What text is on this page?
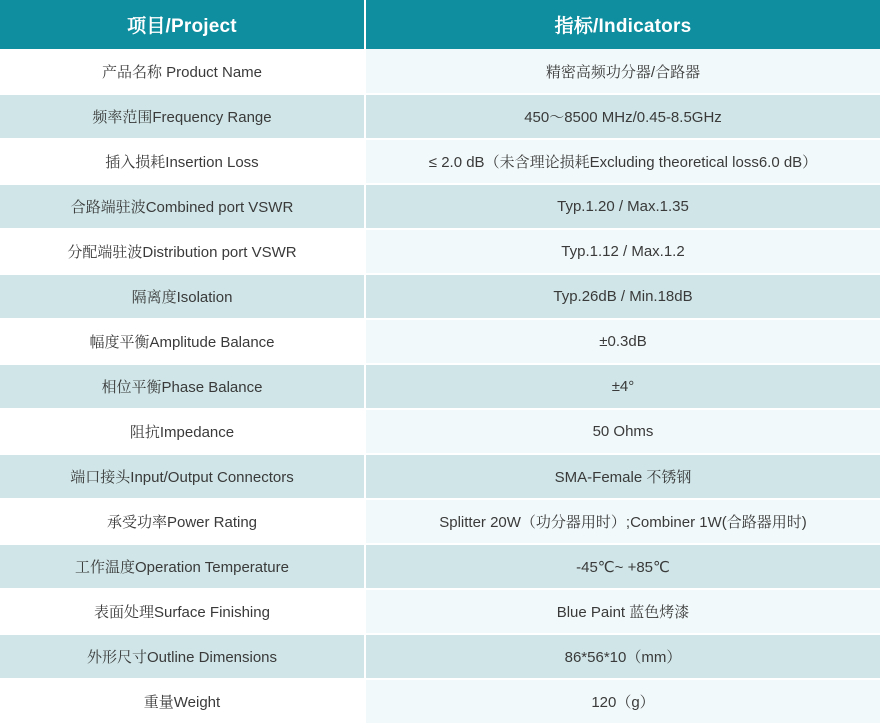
项目/Project	指标/Indicators
产品名称 Product Name	精密高频功分器/合路器
频率范围Frequency Range	450～8500 MHz/0.45-8.5GHz
插入损耗Insertion Loss	≤ 2.0 dB（未含理论损耗Excluding theoretical loss6.0 dB）
合路端驻波Combined port VSWR	Typ.1.20 / Max.1.35
分配端驻波Distribution port VSWR	Typ.1.12 / Max.1.2
隔离度Isolation	Typ.26dB / Min.18dB
幅度平衡Amplitude Balance	±0.3dB
相位平衡Phase Balance	±4°
阻抗Impedance	50 Ohms
端口接头Input/Output Connectors	SMA-Female 不锈钢
承受功率Power Rating	Splitter 20W（功分器用时）;Combiner 1W(合路器用时)
工作温度Operation Temperature	-45℃~ +85℃
表面处理Surface Finishing	Blue Paint 蓝色烤漆
外形尺寸Outline Dimensions	86*56*10（mm）
重量Weight	120（g）
